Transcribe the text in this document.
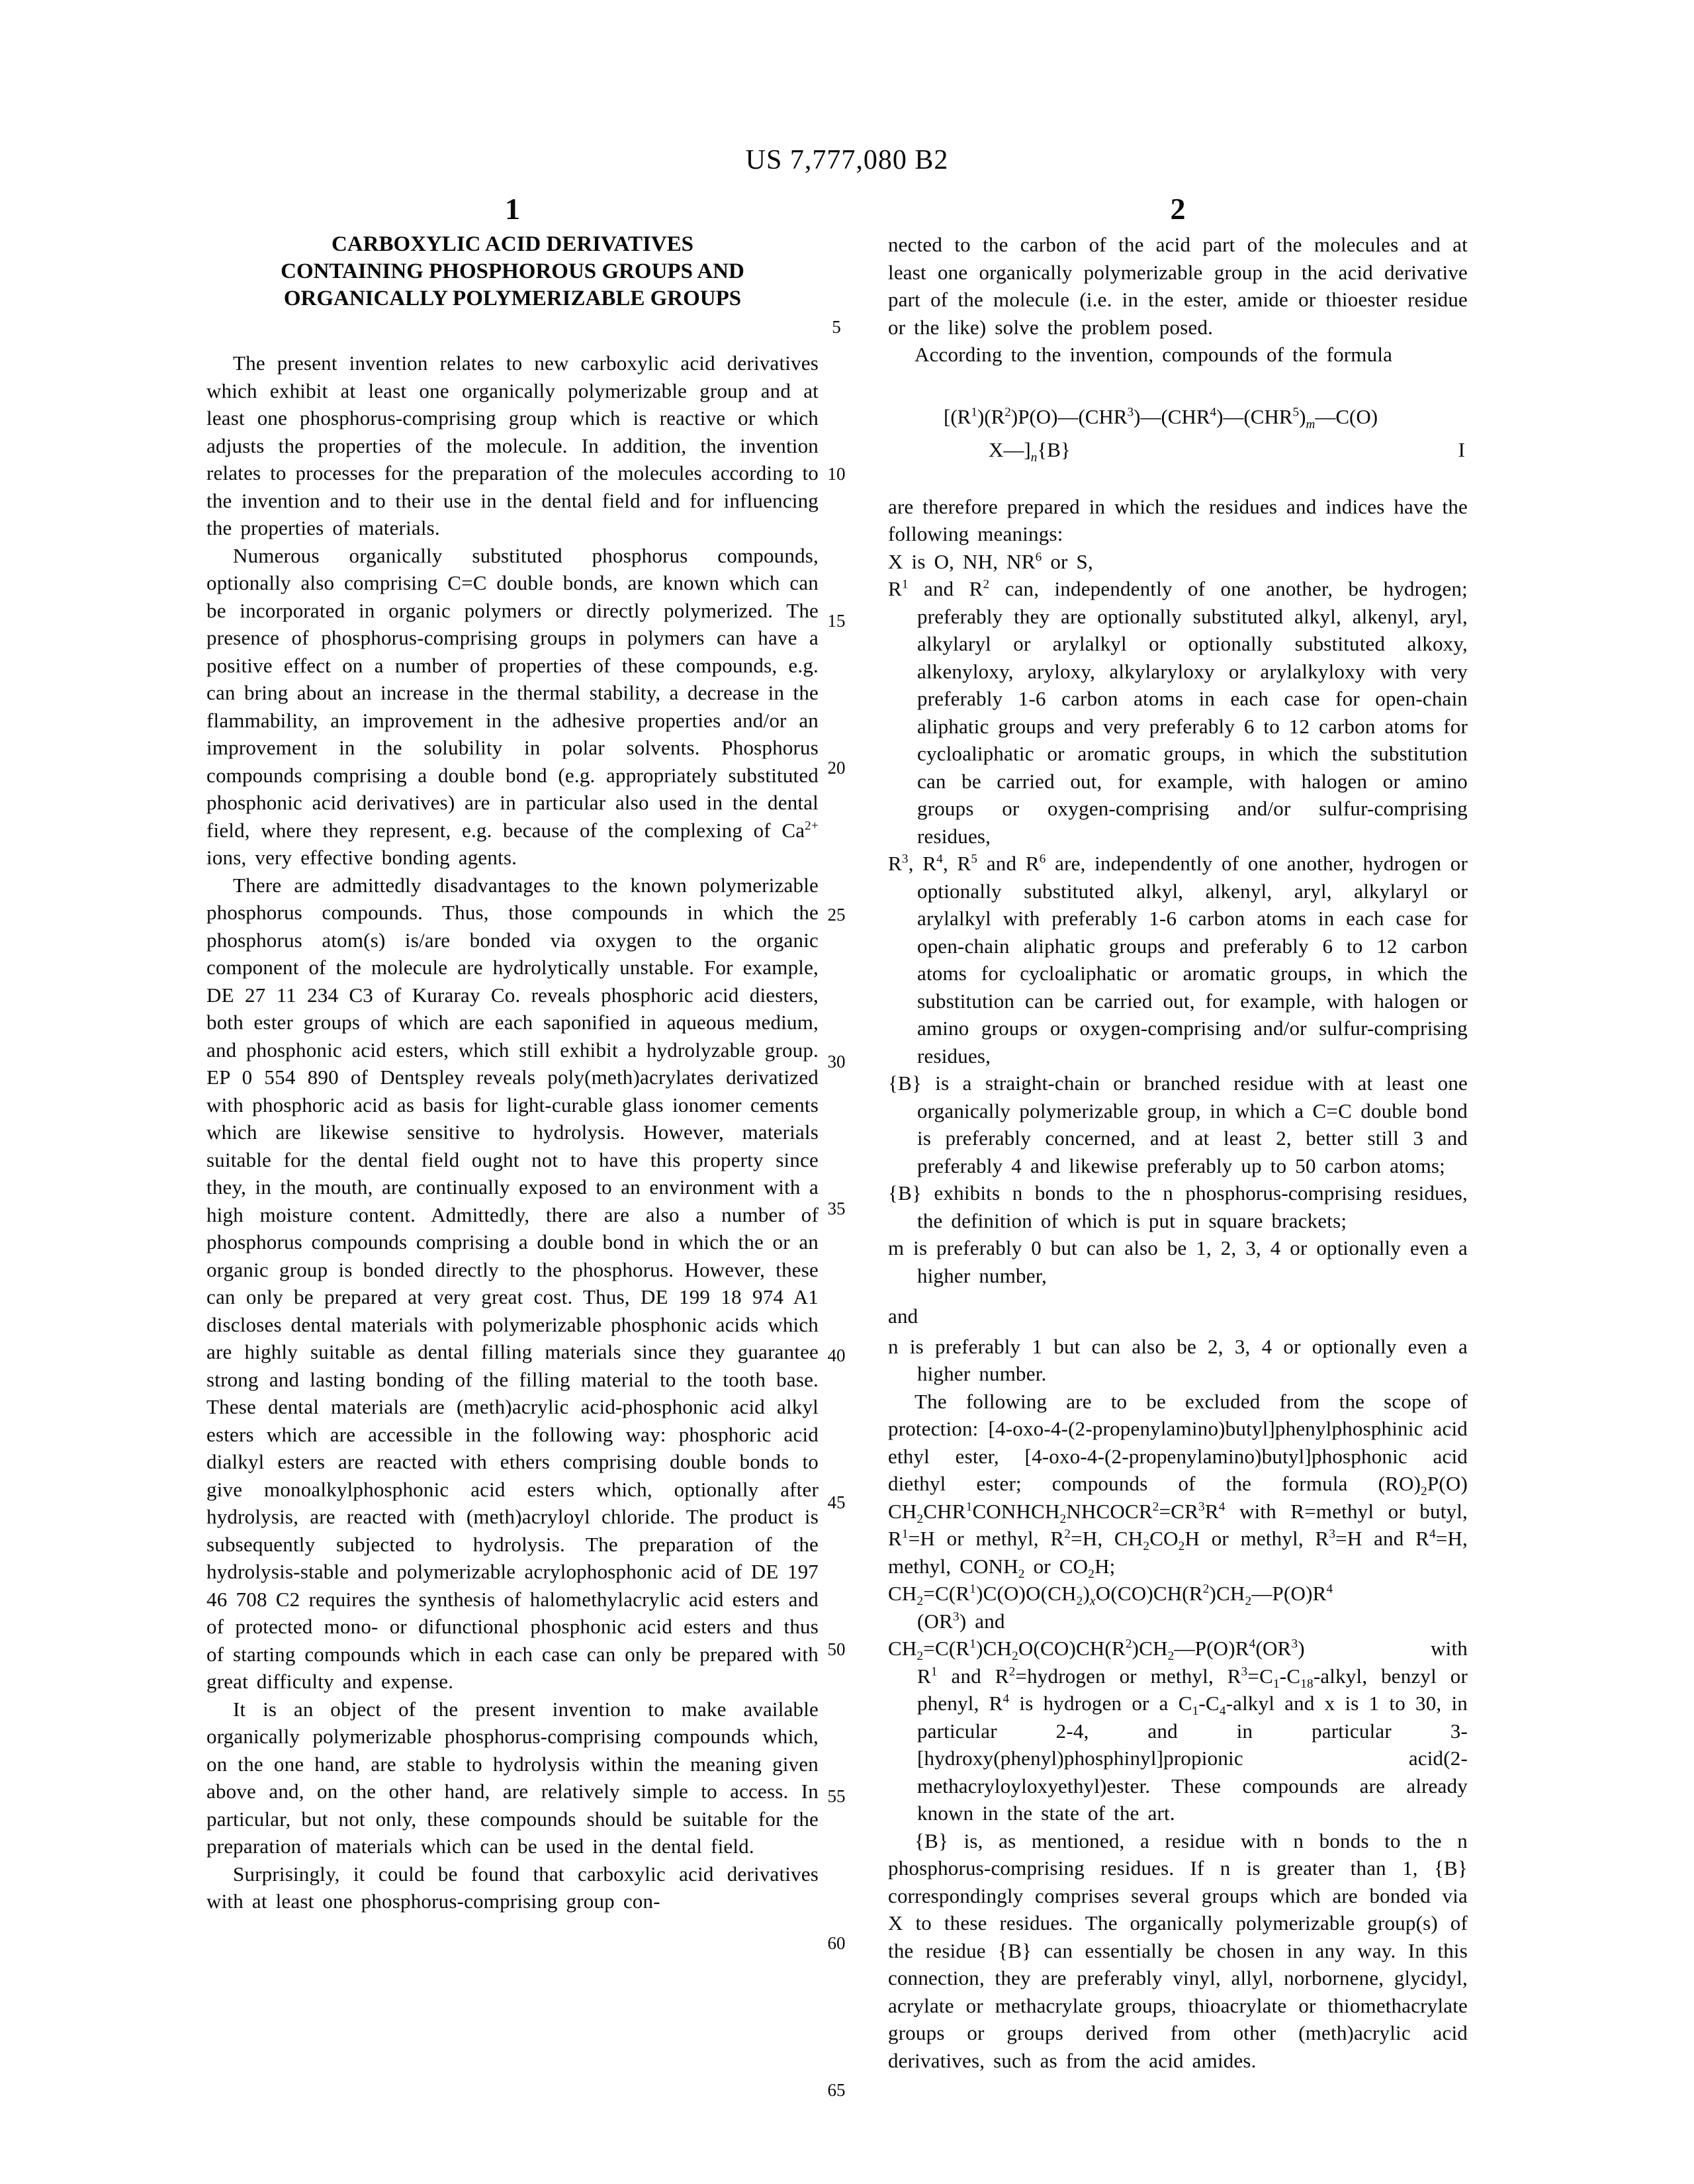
US 7,777,080 B2
5
10
15
20
25
30
35
40
45
50
55
60
65
1
CARBOXYLIC ACID DERIVATIVES
CONTAINING PHOSPHOROUS GROUPS AND
ORGANICALLY POLYMERIZABLE GROUPS

The present invention relates to new carboxylic acid derivatives which exhibit at least one organically polymerizable group and at least one phosphorus-comprising group which is reactive or which adjusts the properties of the molecule. In addition, the invention relates to processes for the preparation of the molecules according to the invention and to their use in the dental field and for influencing the properties of materials.

Numerous organically substituted phosphorus compounds, optionally also comprising C=C double bonds, are known which can be incorporated in organic polymers or directly polymerized. The presence of phosphorus-comprising groups in polymers can have a positive effect on a number of properties of these compounds, e.g. can bring about an increase in the thermal stability, a decrease in the flammability, an improvement in the adhesive properties and/or an improvement in the solubility in polar solvents. Phosphorus compounds comprising a double bond (e.g. appropriately substituted phosphonic acid derivatives) are in particular also used in the dental field, where they represent, e.g. because of the complexing of $Ca^{2+}$ ions, very effective bonding agents.

There are admittedly disadvantages to the known polymerizable phosphorus compounds. Thus, those compounds in which the phosphorus atom(s) is/are bonded via oxygen to the organic component of the molecule are hydrolytically unstable. For example, DE 27 11 234 C3 of Kuraray Co. reveals phosphoric acid diesters, both ester groups of which are each saponified in aqueous medium, and phosphonic acid esters, which still exhibit a hydrolyzable group. EP 0 554 890 of Dentspley reveals poly(meth)acrylates derivatized with phosphoric acid as basis for light-curable glass ionomer cements which are likewise sensitive to hydrolysis. However, materials suitable for the dental field ought not to have this property since they, in the mouth, are continually exposed to an environment with a high moisture content. Admittedly, there are also a number of phosphorus compounds comprising a double bond in which the or an organic group is bonded directly to the phosphorus. However, these can only be prepared at very great cost. Thus, DE 199 18 974 A1 discloses dental materials with polymerizable phosphonic acids which are highly suitable as dental filling materials since they guarantee strong and lasting bonding of the filling material to the tooth base. These dental materials are (meth)acrylic acid-phosphonic acid alkyl esters which are accessible in the following way: phosphoric acid dialkyl esters are reacted with ethers comprising double bonds to give monoalkylphosphonic acid esters which, optionally after hydrolysis, are reacted with (meth)acryloyl chloride. The product is subsequently subjected to hydrolysis. The preparation of the hydrolysis-stable and polymerizable acrylophosphonic acid of DE 197 46 708 C2 requires the synthesis of halomethylacrylic acid esters and of protected mono- or difunctional phosphonic acid esters and thus of starting compounds which in each case can only be prepared with great difficulty and expense.

It is an object of the present invention to make available organically polymerizable phosphorus-comprising compounds which, on the one hand, are stable to hydrolysis within the meaning given above and, on the other hand, are relatively simple to access. In particular, but not only, these compounds should be suitable for the preparation of materials which can be used in the dental field.

Surprisingly, it could be found that carboxylic acid derivatives with at least one phosphorus-comprising group con-

2

nected to the carbon of the acid part of the molecules and at least one organically polymerizable group in the acid derivative part of the molecule (i.e. in the ester, amide or thioester residue or the like) solve the problem posed.

According to the invention, compounds of the formula

[$(R^1)(R^2)P(O)—(CHR^3)—(CHR^4)—(CHR^5)_m—C(O)$
$X—]_n\{B\}$	I

are therefore prepared in which the residues and indices have the following meanings:

X is O, NH, $NR^6$ or S,
$R^1$ and $R^2$ can, independently of one another, be hydrogen; preferably they are optionally substituted alkyl, alkenyl, aryl, alkylaryl or arylalkyl or optionally substituted alkoxy, alkenyloxy, aryloxy, alkylaryloxy or arylalkyloxy with very preferably 1-6 carbon atoms in each case for open-chain aliphatic groups and very preferably 6 to 12 carbon atoms for cycloaliphatic or aromatic groups, in which the substitution can be carried out, for example, with halogen or amino groups or oxygen-comprising and/or sulfur-comprising residues,
$R^3$, $R^4$, $R^5$ and $R^6$ are, independently of one another, hydrogen or optionally substituted alkyl, alkenyl, aryl, alkylaryl or arylalkyl with preferably 1-6 carbon atoms in each case for open-chain aliphatic groups and preferably 6 to 12 carbon atoms for cycloaliphatic or aromatic groups, in which the substitution can be carried out, for example, with halogen or amino groups or oxygen-comprising and/or sulfur-comprising residues,
{B} is a straight-chain or branched residue with at least one organically polymerizable group, in which a C=C double bond is preferably concerned, and at least 2, better still 3 and preferably 4 and likewise preferably up to 50 carbon atoms;
{B} exhibits n bonds to the n phosphorus-comprising residues, the definition of which is put in square brackets;
m is preferably 0 but can also be 1, 2, 3, 4 or optionally even a higher number,
and
n is preferably 1 but can also be 2, 3, 4 or optionally even a higher number.

The following are to be excluded from the scope of protection: [4-oxo-4-(2-propenylamino)butyl]phenylphosphinic acid ethyl ester, [4-oxo-4-(2-propenylamino)butyl]phosphonic acid diethyl ester; compounds of the formula $(RO)_2P(O)$ $CH_2CHR^1CONHCH_2NHCOCR^2=CR^3R^4$ with R=methyl or butyl, $R^1=H$ or methyl, $R^2=H$, $CH_2CO_2H$ or methyl, $R^3=H$ and $R^4=H$, methyl, $CONH_2$ or $CO_2H$;

$CH_2=C(R^1)C(O)O(CH_2)_xO(CO)CH(R^2)CH_2—P(O)R^4$
$(OR^3)$ and
$CH_2=C(R^1)CH_2O(CO)CH(R^2)CH_2—P(O)R^4(OR^3)$ with
$R^1$ and $R^2=hydrogen$ or methyl, $R^3=C_1-C_{18}$-alkyl, benzyl or phenyl, $R^4$ is hydrogen or a $C_1-C_4$-alkyl and x is 1 to 30, in particular 2-4, and in particular 3-[hydroxy(phenyl)phosphinyl]propionic acid(2-methacryloyloxyethyl)ester. These compounds are already known in the state of the art.

{B} is, as mentioned, a residue with n bonds to the n phosphorus-comprising residues. If n is greater than 1, {B} correspondingly comprises several groups which are bonded via X to these residues. The organically polymerizable group(s) of the residue {B} can essentially be chosen in any way. In this connection, they are preferably vinyl, allyl, norbornene, glycidyl, acrylate or methacrylate groups, thioacrylate or thiomethacrylate groups or groups derived from other (meth)acrylic acid derivatives, such as from the acid amides.
